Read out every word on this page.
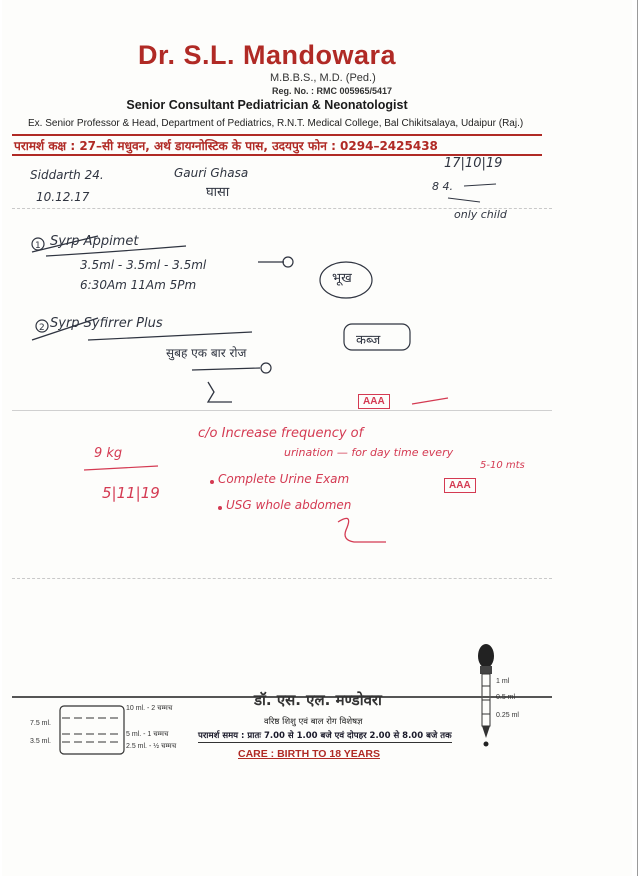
Dr. S.L. Mandowara
M.B.B.S., M.D. (Ped.)
Reg. No. : RMC 005965/5417
Senior Consultant Pediatrician & Neonatologist
Ex. Senior Professor & Head, Department of Pediatrics, R.N.T. Medical College, Bal Chikitsalaya, Udaipur (Raj.)
परामर्श कक्ष : 27–सी मधुवन, अर्थ डायग्नोस्टिक के पास, उदयपुर फोन : 0294–2425438
Siddarth 24.
10.12.17
Gauri Ghasa
घासा
17|10|19
8 4.
only child
Syrp Appimet
3.5ml - 3.5ml - 3.5ml
6:30Am 11Am 5Pm	भूख
Syrp Syfirrer Plus
सुबह एक बार रोज
कब्ज
AAA
9 kg
5|11|19
c/o Increase frequency of
urination — for day time every
5-10 mts
Complete Urine Exam
USG whole abdomen
AAA
1
2
10 ml. - 2 चम्मच
7.5 ml.
5 ml. - 1 चम्मच
3.5 ml.
2.5 ml. - ½ चम्मच
1 ml
0.5 ml
0.25 ml
डॉ. एस. एल. मण्डोवरा
वरिष्ठ शिशु एवं बाल रोग विशेषज्ञ
परामर्श समय : प्रातः 7.00 से 1.00 बजे एवं दोपहर 2.00 से 8.00 बजे तक
CARE : BIRTH TO 18 YEARS
